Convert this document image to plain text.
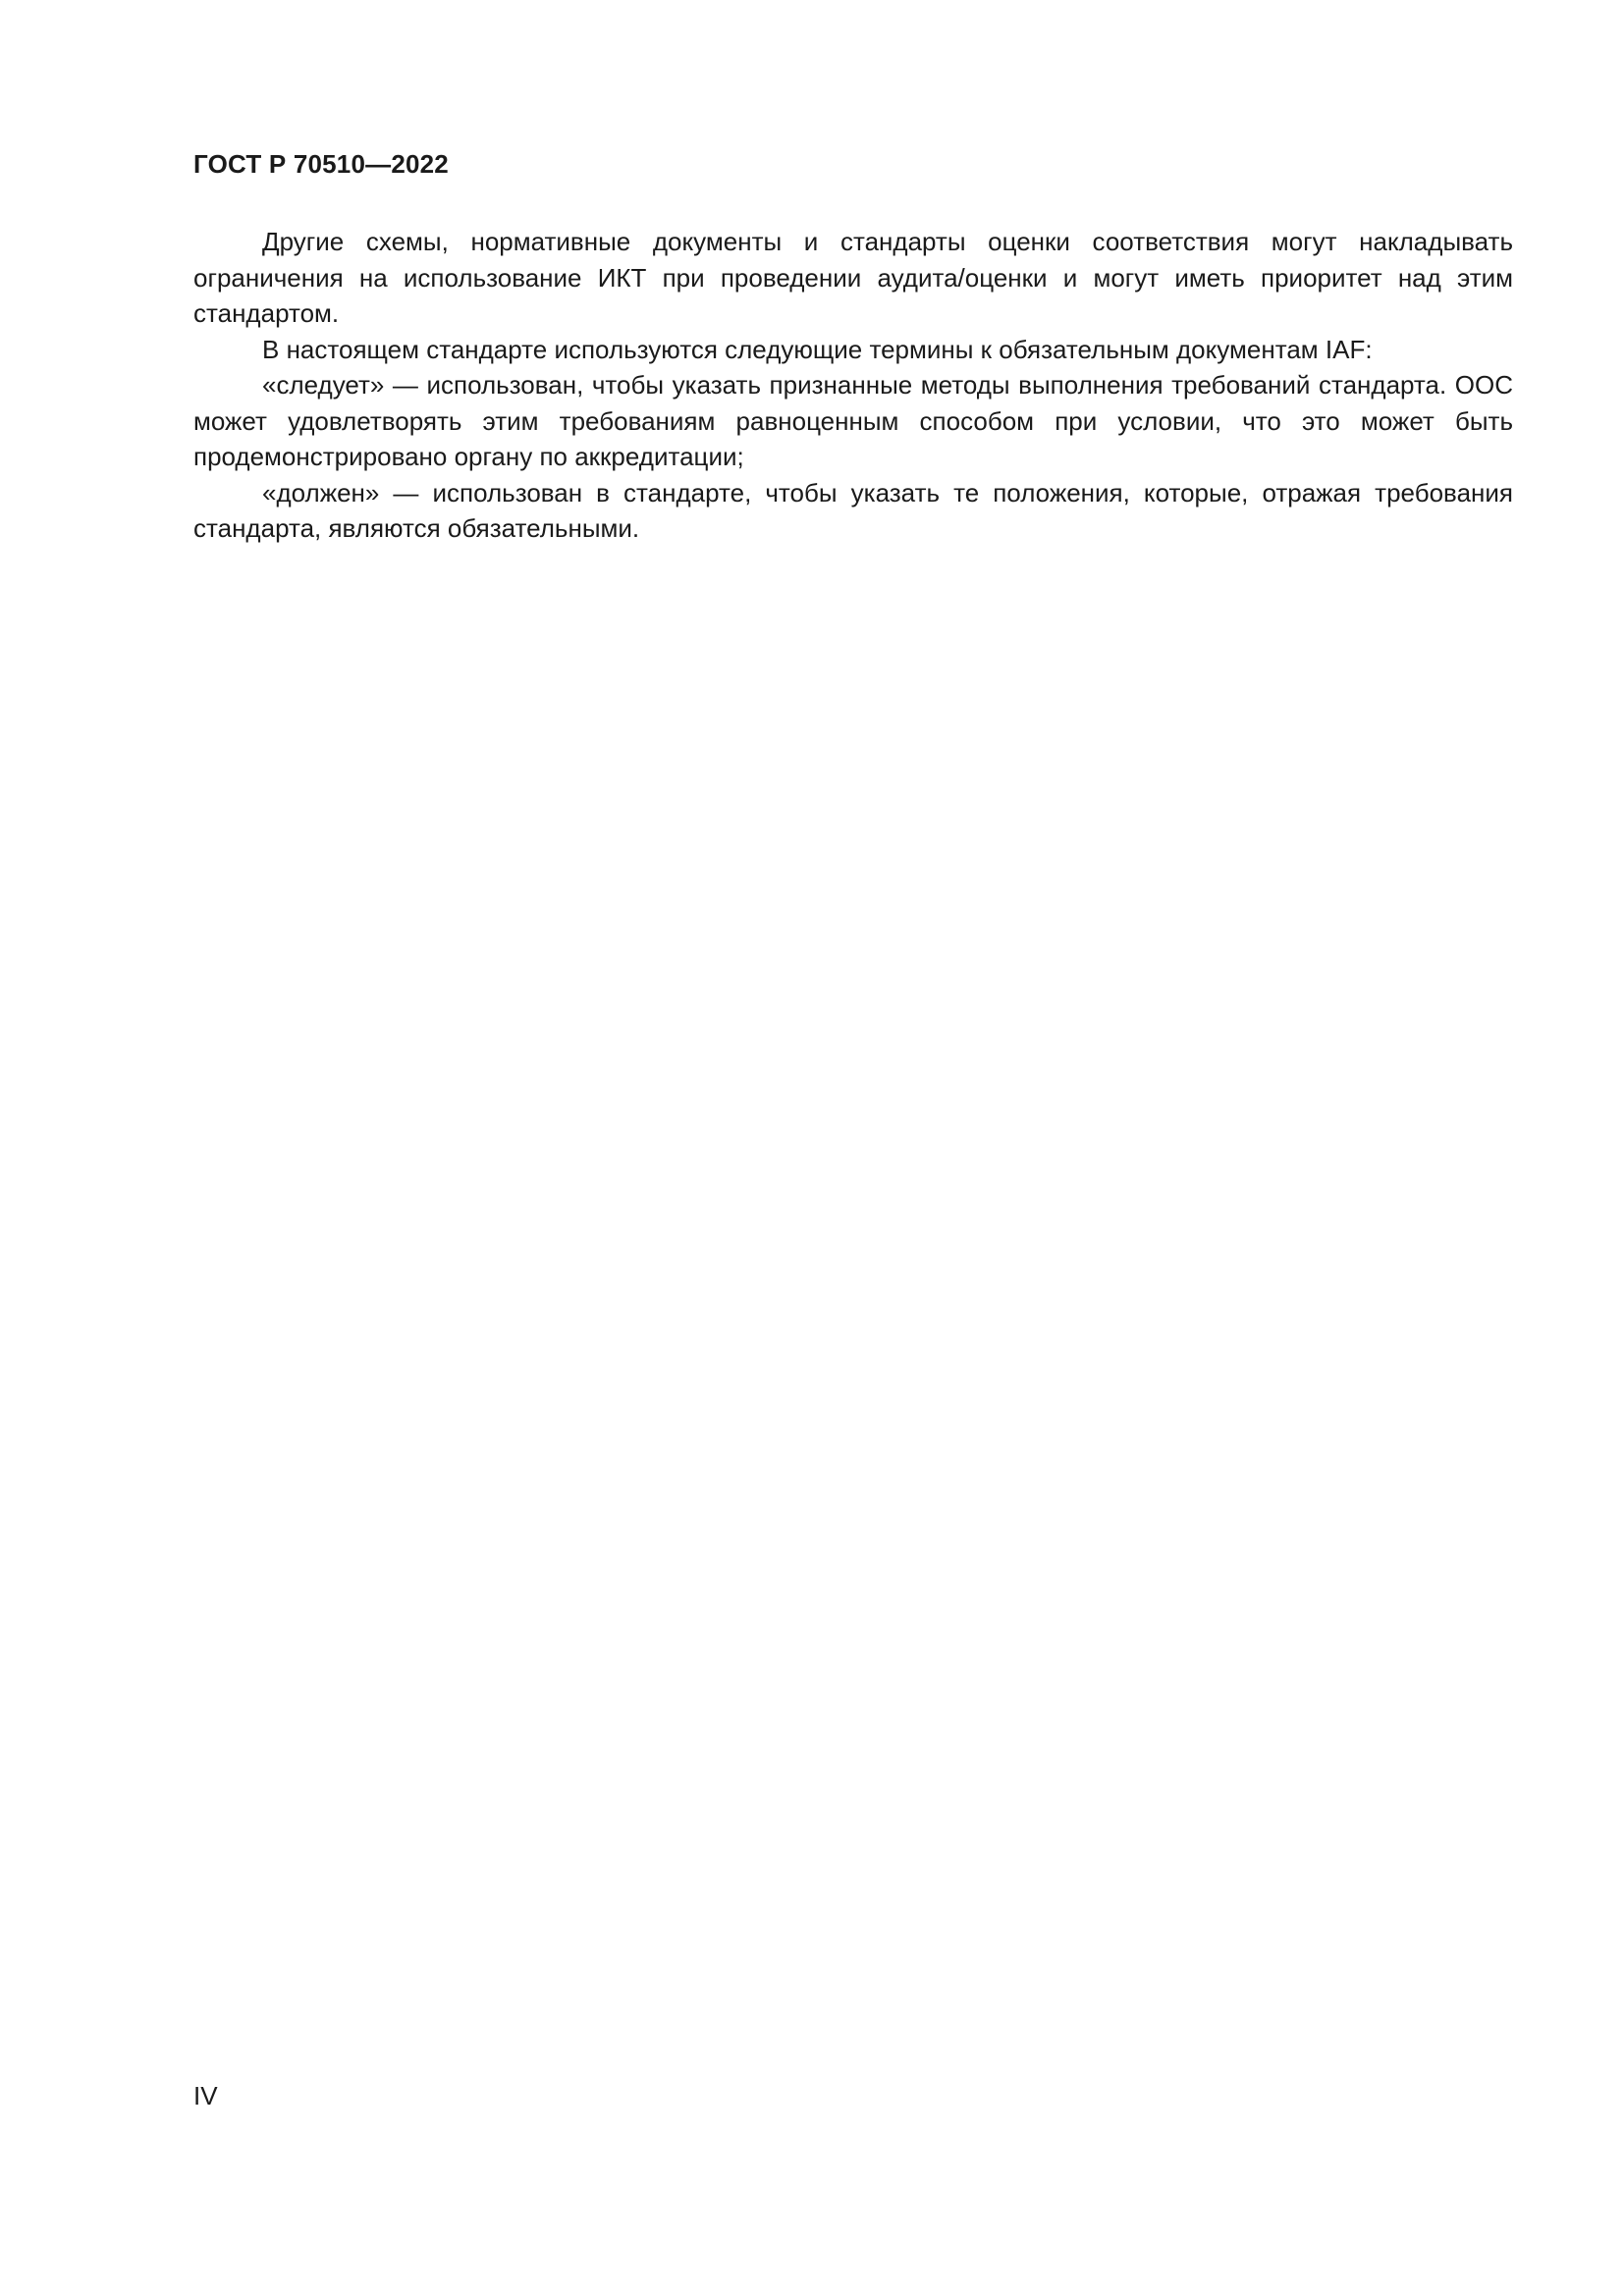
ГОСТ Р 70510—2022

Другие схемы, нормативные документы и стандарты оценки соответствия могут накладывать ограничения на использование ИКТ при проведении аудита/оценки и могут иметь приоритет над этим стандартом.

В настоящем стандарте используются следующие термины к обязательным документам IAF:

«следует» — использован, чтобы указать признанные методы выполнения требований стандарта. ООС может удовлетворять этим требованиям равноценным способом при условии, что это может быть продемонстрировано органу по аккредитации;

«должен» — использован в стандарте, чтобы указать те положения, которые, отражая требования стандарта, являются обязательными.

IV
